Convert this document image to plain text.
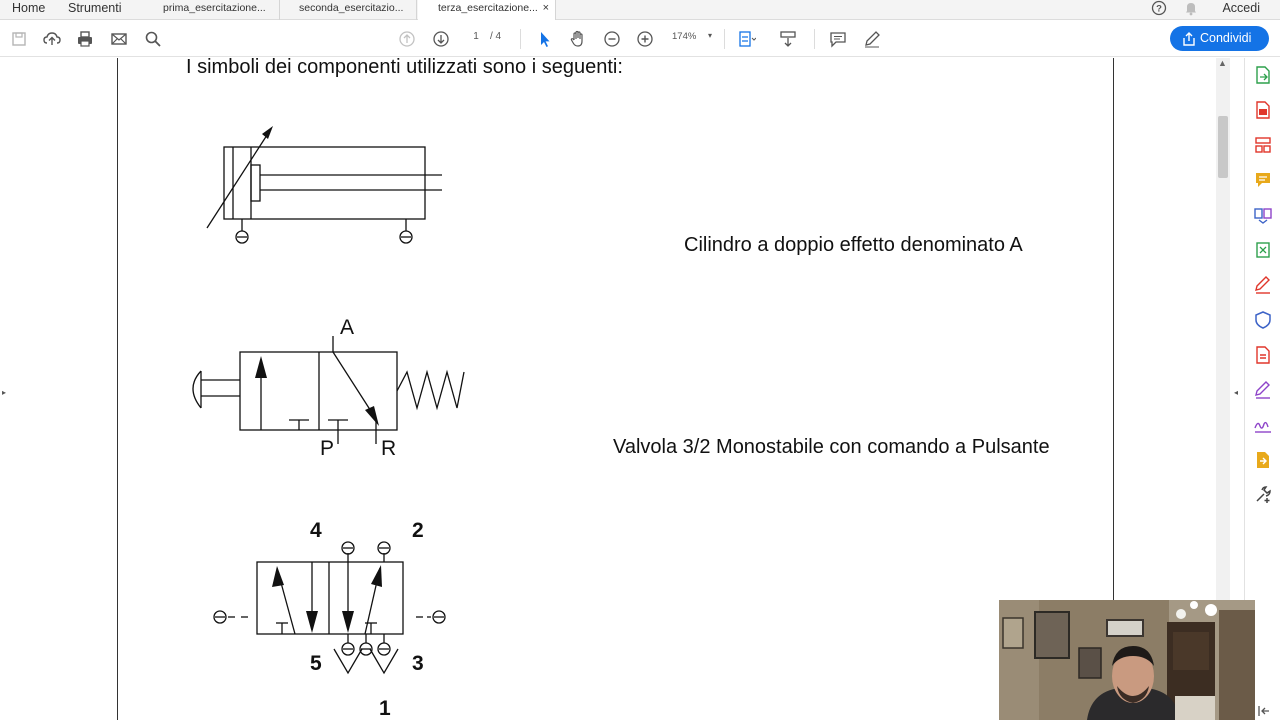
Home Strumenti	prima_esercitazione...	seconda_esercitazio...	terza_esercitazione... ×	?	Accedi
1	/ 4	174% ▾	Condividi
▸	◂
I simboli dei componenti utilizzati sono i seguenti:
Cilindro a doppio effetto denominato A
A
P R	Valvola 3/2 Monostabile con comando a Pulsante
4	2
5	3
1
▲
